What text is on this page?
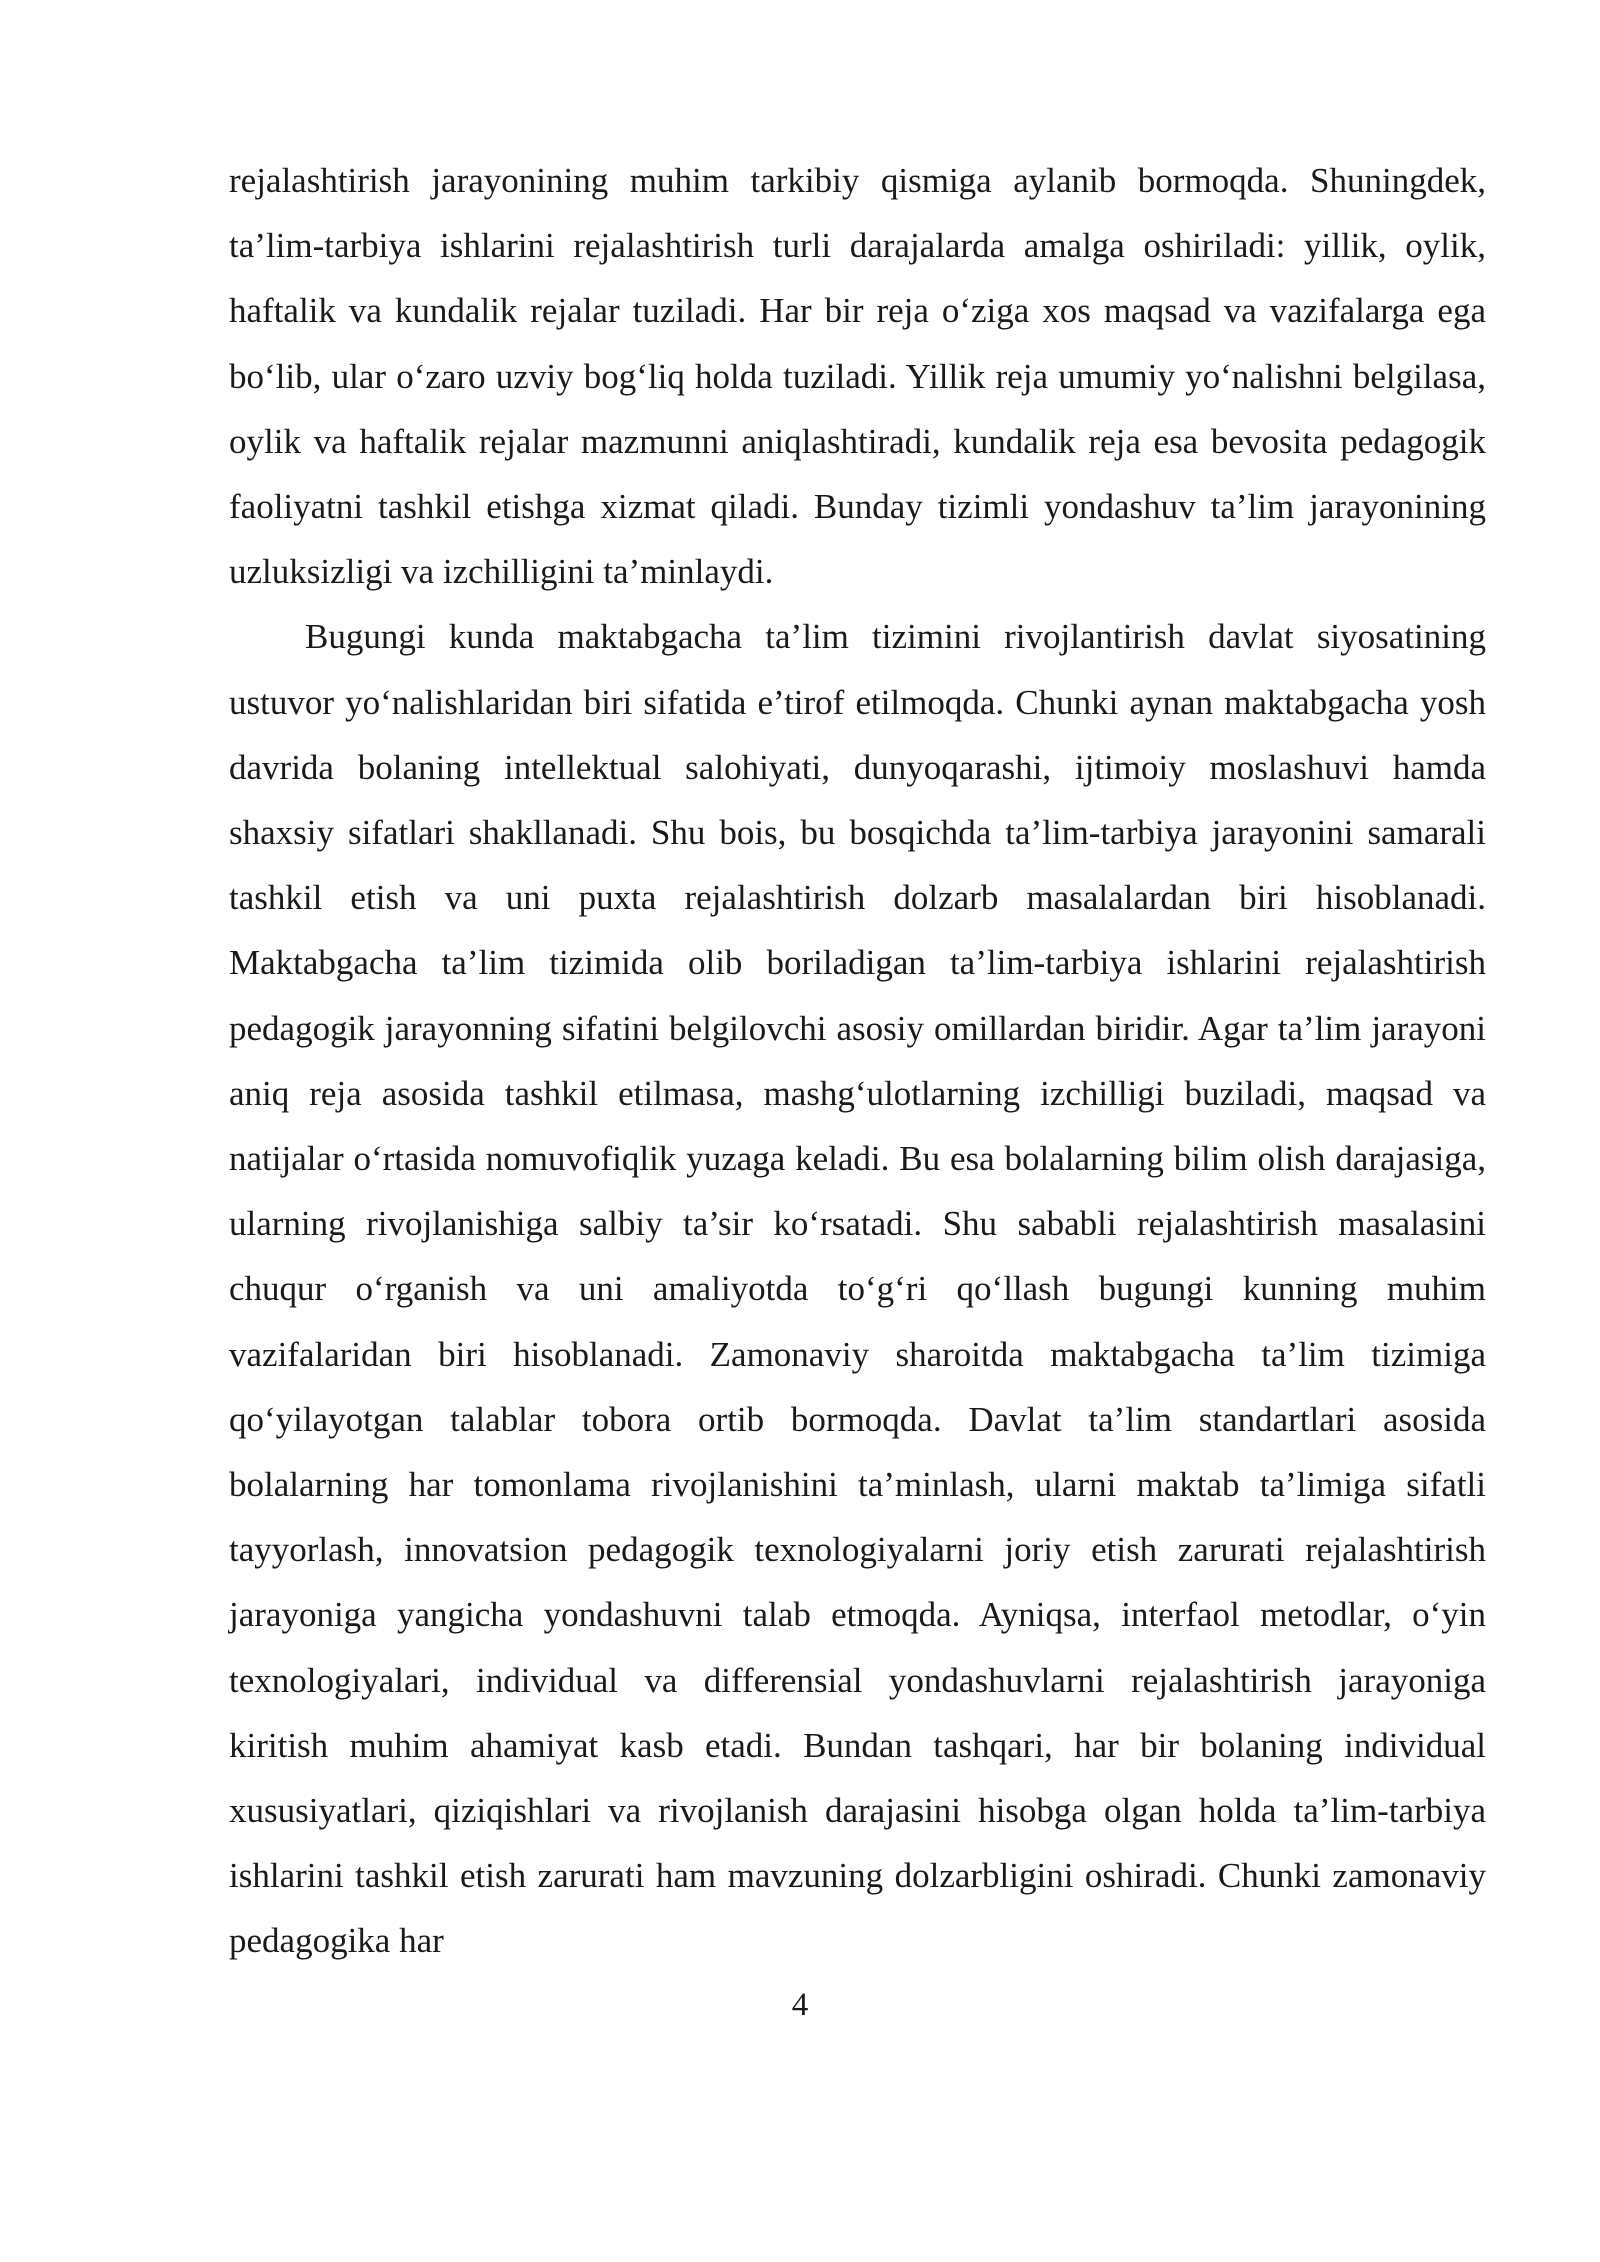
rejalashtirish jarayonining muhim tarkibiy qismiga aylanib bormoqda. Shuningdek, ta’lim-tarbiya ishlarini rejalashtirish turli darajalarda amalga oshiriladi: yillik, oylik, haftalik va kundalik rejalar tuziladi. Har bir reja o‘ziga xos maqsad va vazifalarga ega bo‘lib, ular o‘zaro uzviy bog‘liq holda tuziladi. Yillik reja umumiy yo‘nalishni belgilasa, oylik va haftalik rejalar mazmunni aniqlashtiradi, kundalik reja esa bevosita pedagogik faoliyatni tashkil etishga xizmat qiladi. Bunday tizimli yondashuv ta’lim jarayonining uzluksizligi va izchilligini ta’minlaydi.

Bugungi kunda maktabgacha ta’lim tizimini rivojlantirish davlat siyosatining ustuvor yo‘nalishlaridan biri sifatida e’tirof etilmoqda. Chunki aynan maktabgacha yosh davrida bolaning intellektual salohiyati, dunyoqarashi, ijtimoiy moslashuvi hamda shaxsiy sifatlari shakllanadi. Shu bois, bu bosqichda ta’lim-tarbiya jarayonini samarali tashkil etish va uni puxta rejalashtirish dolzarb masalalardan biri hisoblanadi. Maktabgacha ta’lim tizimida olib boriladigan ta’lim-tarbiya ishlarini rejalashtirish pedagogik jarayonning sifatini belgilovchi asosiy omillardan biridir. Agar ta’lim jarayoni aniq reja asosida tashkil etilmasa, mashg‘ulotlarning izchilligi buziladi, maqsad va natijalar o‘rtasida nomuvofiqlik yuzaga keladi. Bu esa bolalarning bilim olish darajasiga, ularning rivojlanishiga salbiy ta’sir ko‘rsatadi. Shu sababli rejalashtirish masalasini chuqur o‘rganish va uni amaliyotda to‘g‘ri qo‘llash bugungi kunning muhim vazifalaridan biri hisoblanadi. Zamonaviy sharoitda maktabgacha ta’lim tizimiga qo‘yilayotgan talablar tobora ortib bormoqda. Davlat ta’lim standartlari asosida bolalarning har tomonlama rivojlanishini ta’minlash, ularni maktab ta’limiga sifatli tayyorlash, innovatsion pedagogik texnologiyalarni joriy etish zarurati rejalashtirish jarayoniga yangicha yondashuvni talab etmoqda. Ayniqsa, interfaol metodlar, o‘yin texnologiyalari, individual va differensial yondashuvlarni rejalashtirish jarayoniga kiritish muhim ahamiyat kasb etadi. Bundan tashqari, har bir bolaning individual xususiyatlari, qiziqishlari va rivojlanish darajasini hisobga olgan holda ta’lim-tarbiya ishlarini tashkil etish zarurati ham mavzuning dolzarbligini oshiradi. Chunki zamonaviy pedagogika har

4
